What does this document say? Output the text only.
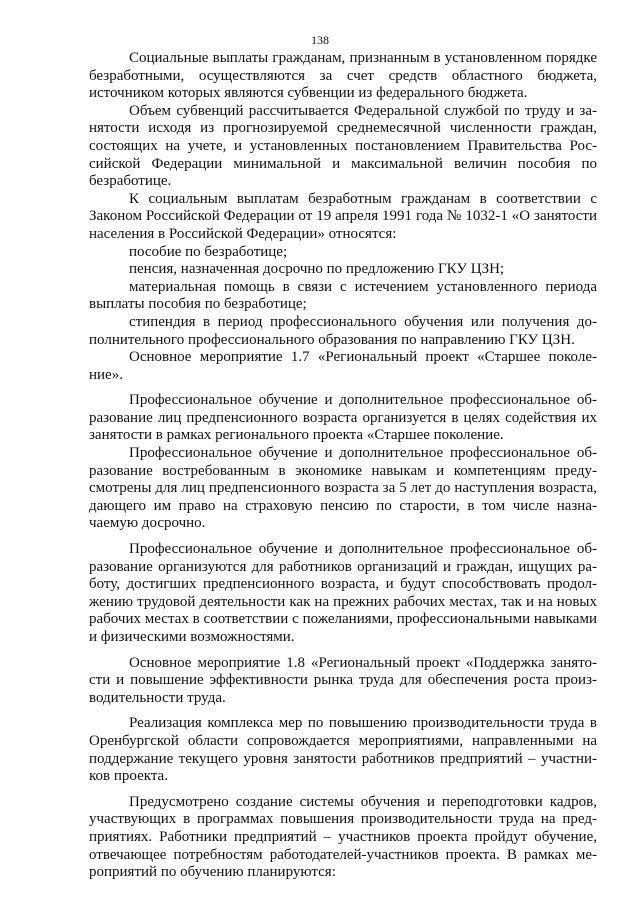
138

Социальные выплаты гражданам, признанным в установленном порядке безработными, осуществляются за счет средств областного бюджета, источником которых являются субвенции из федерального бюджета.

Объем субвенций рассчитывается Федеральной службой по труду и занятости исходя из прогнозируемой среднемесячной численности граждан, состоящих на учете, и установленных постановлением Правительства Российской Федерации минимальной и максимальной величин пособия по безработице.

К социальным выплатам безработным гражданам в соответствии с Законом Российской Федерации от 19 апреля 1991 года № 1032-1 «О занятости населения в Российской Федерации» относятся:

пособие по безработице;

пенсия, назначенная досрочно по предложению ГКУ ЦЗН;

материальная помощь в связи с истечением установленного периода выплаты пособия по безработице;

стипендия в период профессионального обучения или получения дополнительного профессионального образования по направлению ГКУ ЦЗН.

Основное мероприятие 1.7 «Региональный проект «Старшее поколение».

Профессиональное обучение и дополнительное профессиональное образование лиц предпенсионного возраста организуется в целях содействия их занятости в рамках регионального проекта «Старшее поколение.

Профессиональное обучение и дополнительное профессиональное образование востребованным в экономике навыкам и компетенциям предусмотрены для лиц предпенсионного возраста за 5 лет до наступления возраста, дающего им право на страховую пенсию по старости, в том числе назначаемую досрочно.

Профессиональное обучение и дополнительное профессиональное образование организуются для работников организаций и граждан, ищущих работу, достигших предпенсионного возраста, и будут способствовать продолжению трудовой деятельности как на прежних рабочих местах, так и на новых рабочих местах в соответствии с пожеланиями, профессиональными навыками и физическими возможностями.

Основное мероприятие 1.8 «Региональный проект «Поддержка занятости и повышение эффективности рынка труда для обеспечения роста производительности труда.

Реализация комплекса мер по повышению производительности труда в Оренбургской области сопровождается мероприятиями, направленными на поддержание текущего уровня занятости работников предприятий – участников проекта.

Предусмотрено создание системы обучения и переподготовки кадров, участвующих в программах повышения производительности труда на предприятиях. Работники предприятий – участников проекта пройдут обучение, отвечающее потребностям работодателей-участников проекта. В рамках мероприятий по обучению планируются:
